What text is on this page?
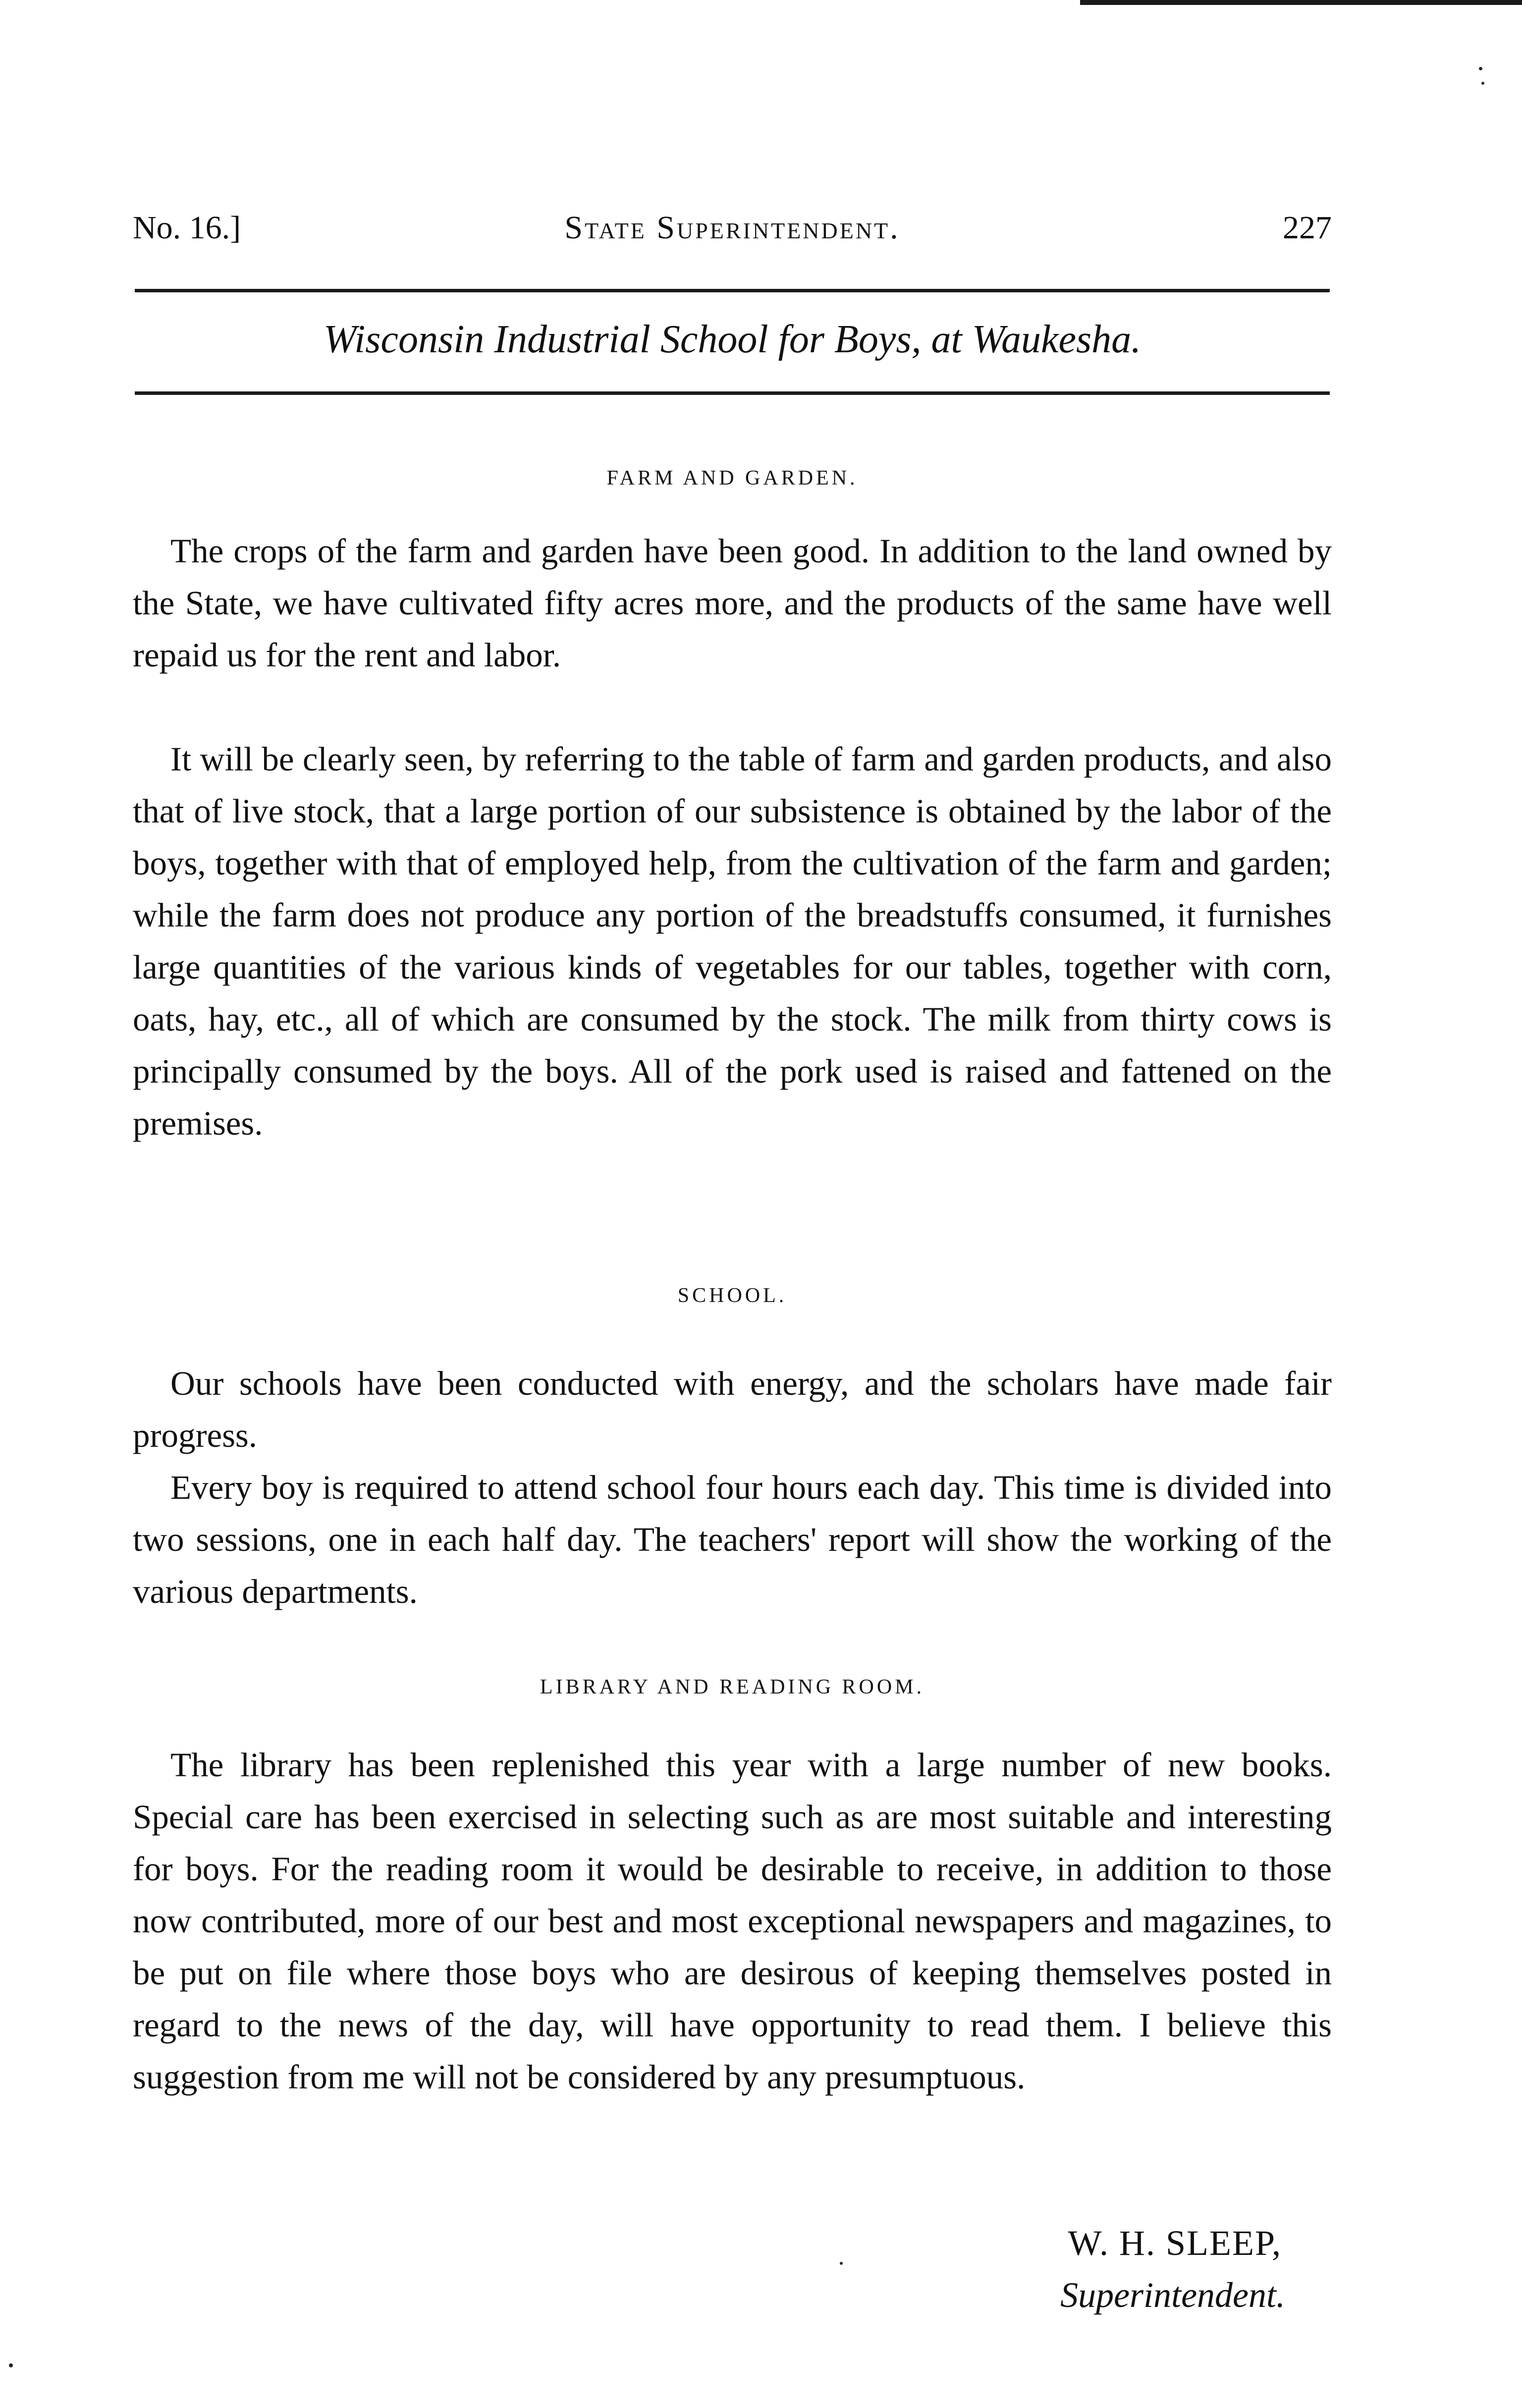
No. 16.]	State Superintendent.	227
Wisconsin Industrial School for Boys, at Waukesha.
FARM AND GARDEN.

The crops of the farm and garden have been good. In addition to the land owned by the State, we have cultivated fifty acres more, and the products of the same have well repaid us for the rent and labor.

It will be clearly seen, by referring to the table of farm and garden products, and also that of live stock, that a large portion of our subsistence is obtained by the labor of the boys, together with that of employed help, from the cultivation of the farm and garden; while the farm does not produce any portion of the breadstuffs consumed, it furnishes large quantities of the various kinds of vegetables for our tables, together with corn, oats, hay, etc., all of which are consumed by the stock. The milk from thirty cows is principally consumed by the boys. All of the pork used is raised and fattened on the premises.

SCHOOL.

Our schools have been conducted with energy, and the scholars have made fair progress.

Every boy is required to attend school four hours each day. This time is divided into two sessions, one in each half day. The teachers' report will show the working of the various departments.

LIBRARY AND READING ROOM.

The library has been replenished this year with a large number of new books. Special care has been exercised in selecting such as are most suitable and interesting for boys. For the reading room it would be desirable to receive, in addition to those now contributed, more of our best and most exceptional newspapers and magazines, to be put on file where those boys who are desirous of keeping themselves posted in regard to the news of the day, will have opportunity to read them. I believe this suggestion from me will not be considered by any presumptuous.

W. H. SLEEP,
Superintendent.
